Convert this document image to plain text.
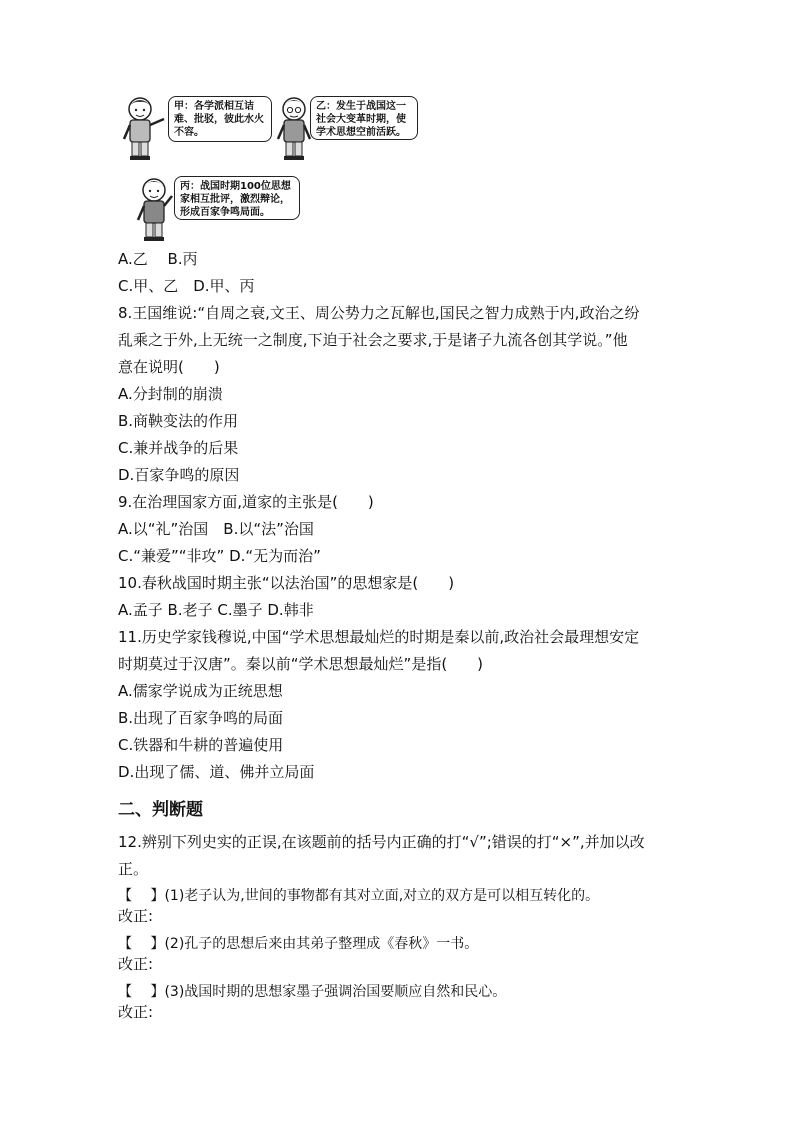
甲：各学派相互诘难、批驳，彼此水火不容。
乙：发生于战国这一社会大变革时期，使学术思想空前活跃。
丙：战国时期100位思想家相互批评，激烈辩论，形成百家争鸣局面。
A.乙　 B.丙
C.甲、乙　D.甲、丙
8.王国维说:“自周之衰,文王、周公势力之瓦解也,国民之智力成熟于内,政治之纷
乱乘之于外,上无统一之制度,下迫于社会之要求,于是诸子九流各创其学说。”他
意在说明(　　)
A.分封制的崩溃
B.商鞅变法的作用
C.兼并战争的后果
D.百家争鸣的原因
9.在治理国家方面,道家的主张是(　　)
A.以“礼”治国　B.以“法”治国
C.“兼爱”“非攻” D.“无为而治”
10.春秋战国时期主张“以法治国”的思想家是(　　)
A.孟子 B.老子 C.墨子 D.韩非
11.历史学家钱穆说,中国“学术思想最灿烂的时期是秦以前,政治社会最理想安定
时期莫过于汉唐”。秦以前“学术思想最灿烂”是指(　　)
A.儒家学说成为正统思想
B.出现了百家争鸣的局面
C.铁器和牛耕的普遍使用
D.出现了儒、道、佛并立局面
二、判断题
12.辨别下列史实的正误,在该题前的括号内正确的打“√”;错误的打“×”,并加以改
正。
【　 】(1)老子认为,世间的事物都有其对立面,对立的双方是可以相互转化的。
改正:
【　 】(2)孔子的思想后来由其弟子整理成《春秋》一书。
改正:
【　 】(3)战国时期的思想家墨子强调治国要顺应自然和民心。
改正:
